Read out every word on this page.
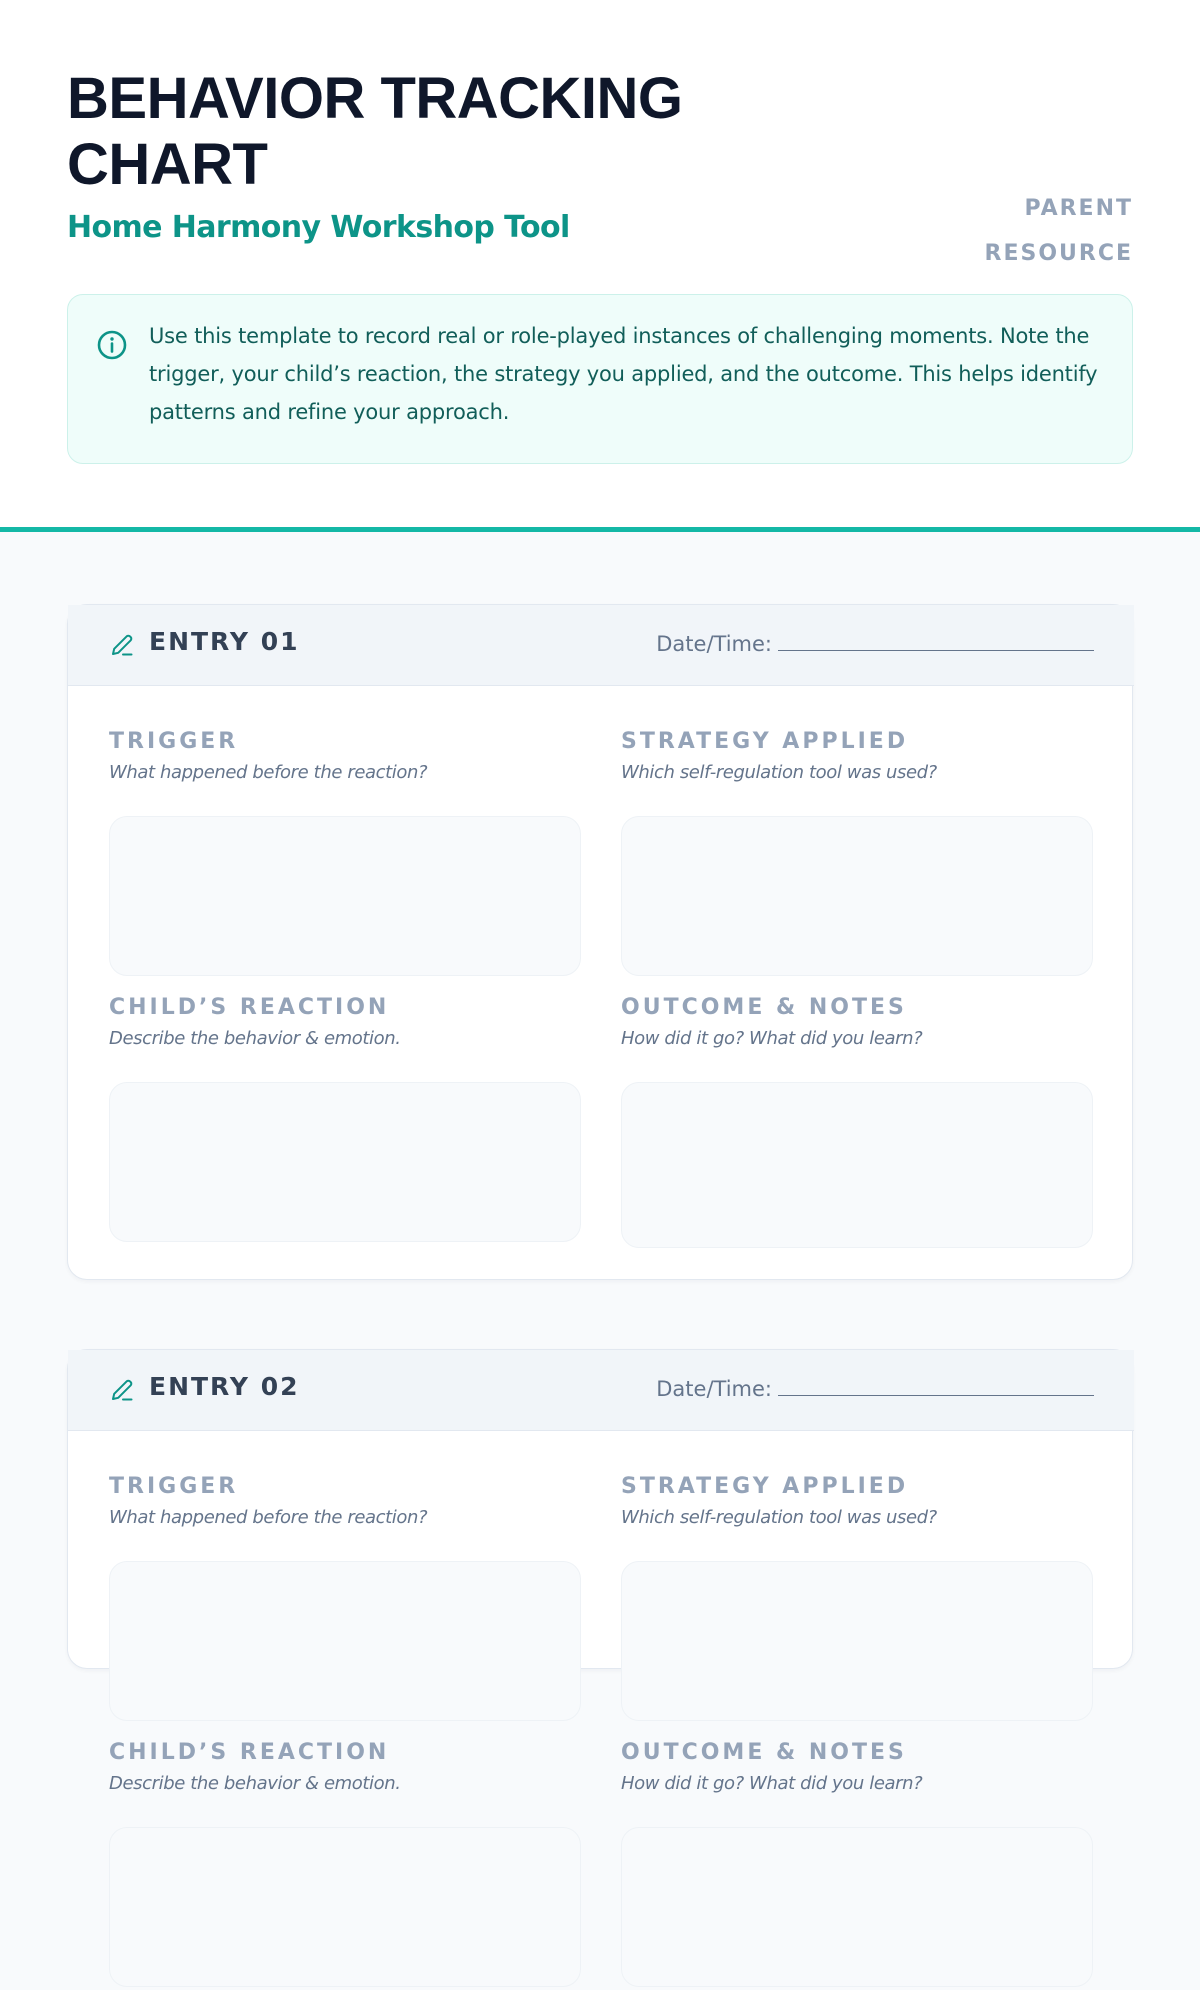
BEHAVIOR TRACKING
CHART
Home Harmony Workshop Tool
PARENT
RESOURCE

Use this template to record real or role-played instances of challenging moments. Note the trigger, your child’s reaction, the strategy you applied, and the outcome. This helps identify patterns and refine your approach.

ENTRY 01	Date/Time:
TRIGGER
What happened before the reaction?
STRATEGY APPLIED
Which self-regulation tool was used?
CHILD’S REACTION
Describe the behavior & emotion.
OUTCOME & NOTES
How did it go? What did you learn?
ENTRY 02	Date/Time:
TRIGGER
What happened before the reaction?
STRATEGY APPLIED
Which self-regulation tool was used?
CHILD’S REACTION
Describe the behavior & emotion.
OUTCOME & NOTES
How did it go? What did you learn?
